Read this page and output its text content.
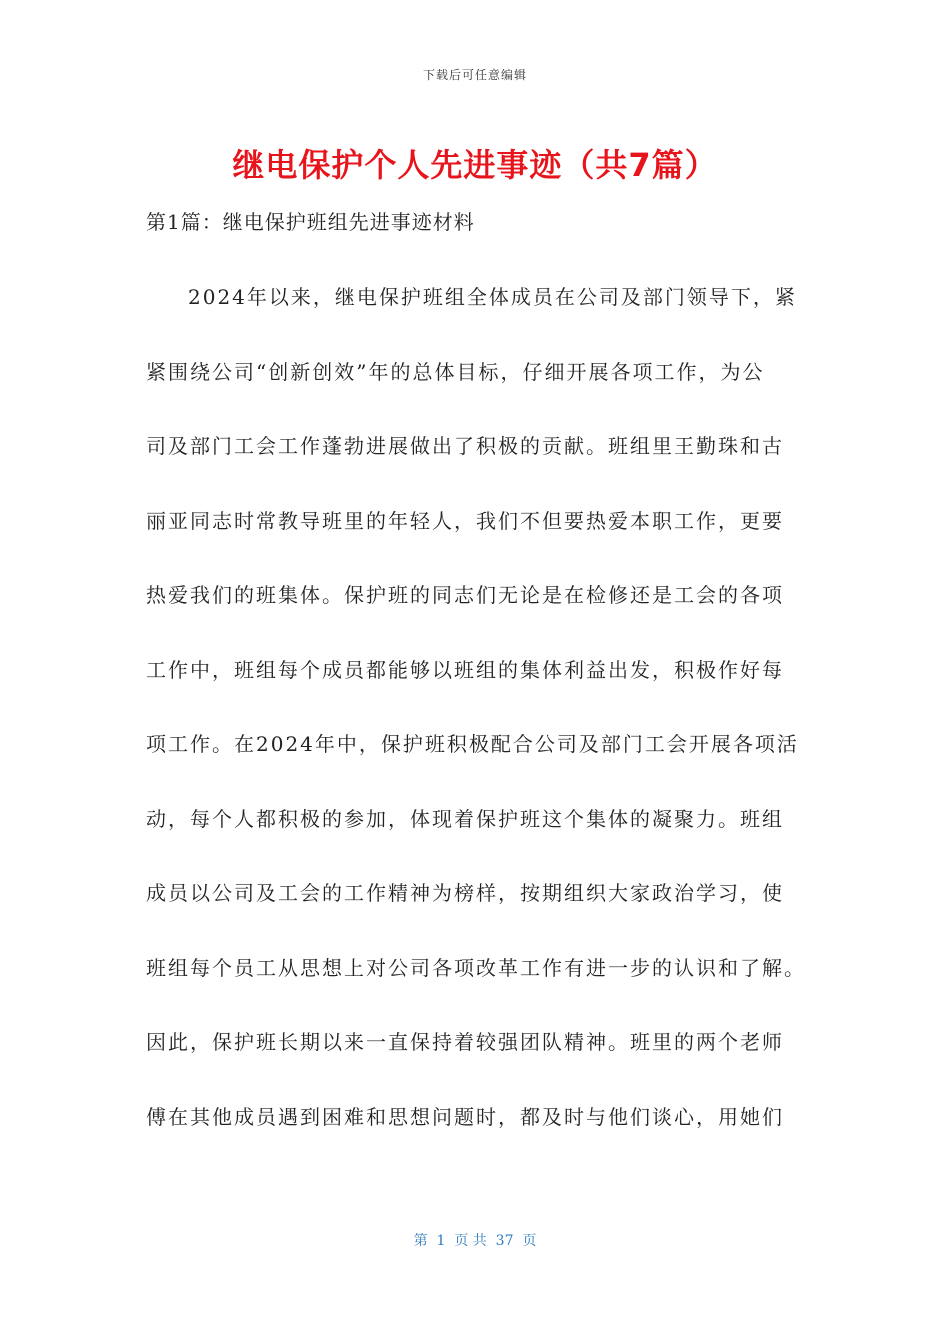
下载后可任意编辑
继电保护个人先进事迹（共7篇）
第1篇：继电保护班组先进事迹材料
2024年以来，继电保护班组全体成员在公司及部门领导下，紧
紧围绕公司“创新创效”年的总体目标，仔细开展各项工作，为公
司及部门工会工作蓬勃进展做出了积极的贡献。班组里王勤珠和古
丽亚同志时常教导班里的年轻人，我们不但要热爱本职工作，更要
热爱我们的班集体。保护班的同志们无论是在检修还是工会的各项
工作中，班组每个成员都能够以班组的集体利益出发，积极作好每
项工作。在2024年中，保护班积极配合公司及部门工会开展各项活
动，每个人都积极的参加，体现着保护班这个集体的凝聚力。班组
成员以公司及工会的工作精神为榜样，按期组织大家政治学习，使
班组每个员工从思想上对公司各项改革工作有进一步的认识和了解。
因此，保护班长期以来一直保持着较强团队精神。班里的两个老师
傅在其他成员遇到困难和思想问题时，都及时与他们谈心，用她们
第  1  页 共  37  页
